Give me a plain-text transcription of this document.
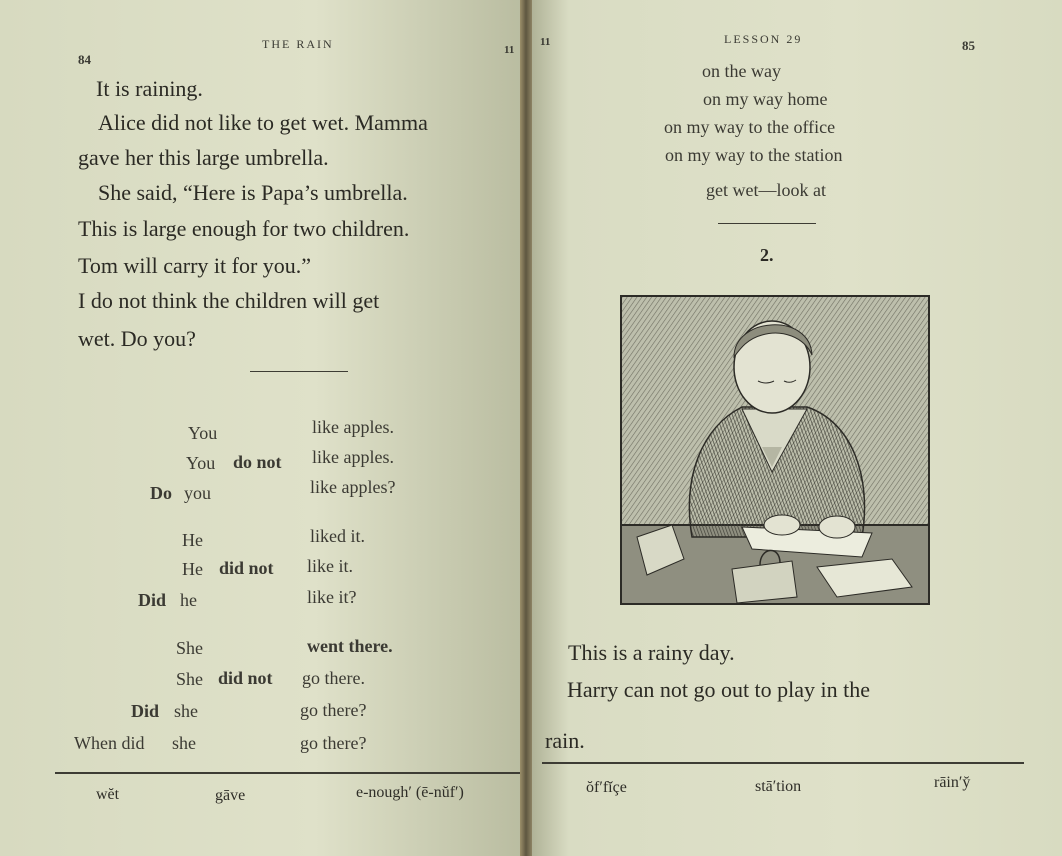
84
THE RAIN	11
It is raining.
Alice did not like to get wet. Mamma
gave her this large umbrella.
She said, “Here is Papa’s umbrella.
This is large enough for two children.
Tom will carry it for you.”
I do not think the children will get
wet. Do you?
You	like apples.
You do not like apples.
Do you	like apples?
He	liked it.
He did not like it.
Did he	like it?
She	went there.
She did not go there.
Did she	go there?
When did she	go there?
wĕt	gāve	e-nough′ (ē-nŭf′)
11	LESSON 29	85
on the way
on my way home
on my way to the office
on my way to the station
get wet—look at
2.
This is a rainy day.
Harry can not go out to play in the
rain.
ŏf′fĭçe	stā′tion	rāin′y̆
